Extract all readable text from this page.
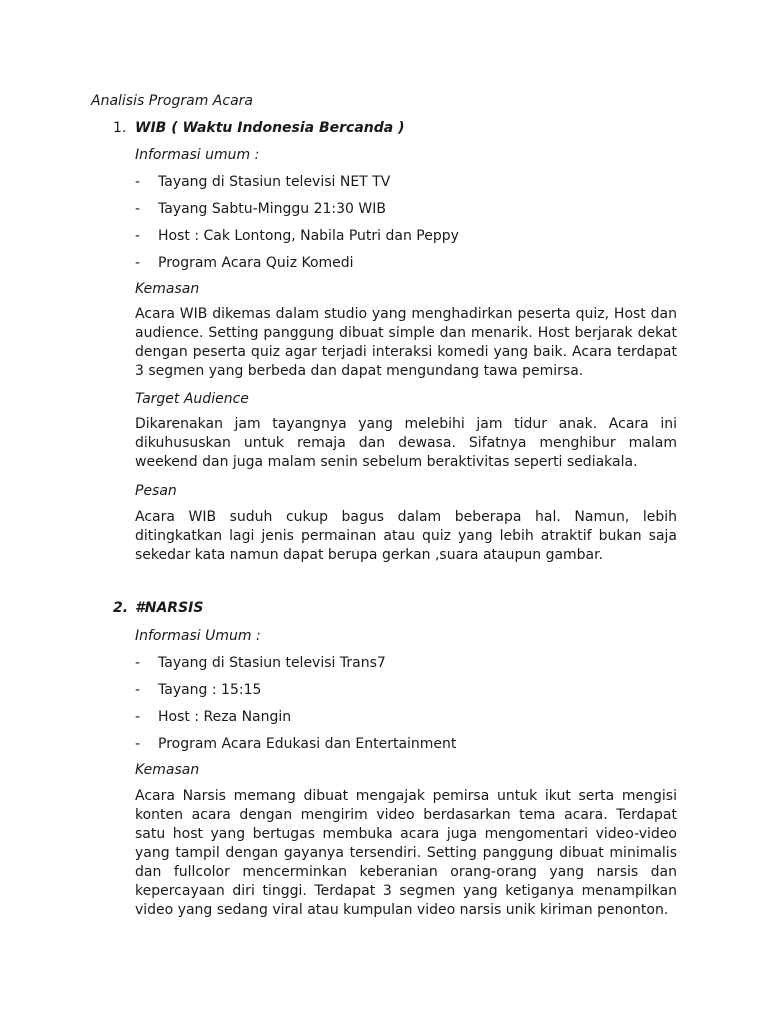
Analisis Program Acara
1. WIB ( Waktu Indonesia Bercanda )
Informasi umum :
- Tayang di Stasiun televisi NET TV
- Tayang Sabtu-Minggu 21:30 WIB
- Host : Cak Lontong, Nabila Putri dan Peppy
- Program Acara Quiz Komedi
Kemasan
Acara WIB dikemas dalam studio yang menghadirkan peserta quiz, Host dan audience. Setting panggung dibuat simple dan menarik. Host berjarak dekat dengan peserta quiz agar terjadi interaksi komedi yang baik. Acara terdapat 3 segmen yang berbeda dan dapat mengundang tawa pemirsa.
Target Audience
Dikarenakan jam tayangnya yang melebihi jam tidur anak. Acara ini dikuhususkan untuk remaja dan dewasa. Sifatnya menghibur malam weekend dan juga malam senin sebelum beraktivitas seperti sediakala.
Pesan
Acara WIB suduh cukup bagus dalam beberapa hal. Namun, lebih ditingkatkan lagi jenis permainan atau quiz yang lebih atraktif bukan saja sekedar kata namun dapat berupa gerkan ,suara ataupun gambar.
2. #NARSIS
Informasi Umum :
- Tayang di Stasiun televisi Trans7
- Tayang : 15:15
- Host : Reza Nangin
- Program Acara Edukasi dan Entertainment
Kemasan
Acara Narsis memang dibuat mengajak pemirsa untuk ikut serta mengisi konten acara dengan mengirim video berdasarkan tema acara. Terdapat satu host yang bertugas membuka acara juga mengomentari video-video yang tampil dengan gayanya tersendiri. Setting panggung dibuat minimalis dan fullcolor mencerminkan keberanian orang-orang yang narsis dan kepercayaan diri tinggi. Terdapat 3 segmen yang ketiganya menampilkan video yang sedang viral atau kumpulan video narsis unik kiriman penonton.
